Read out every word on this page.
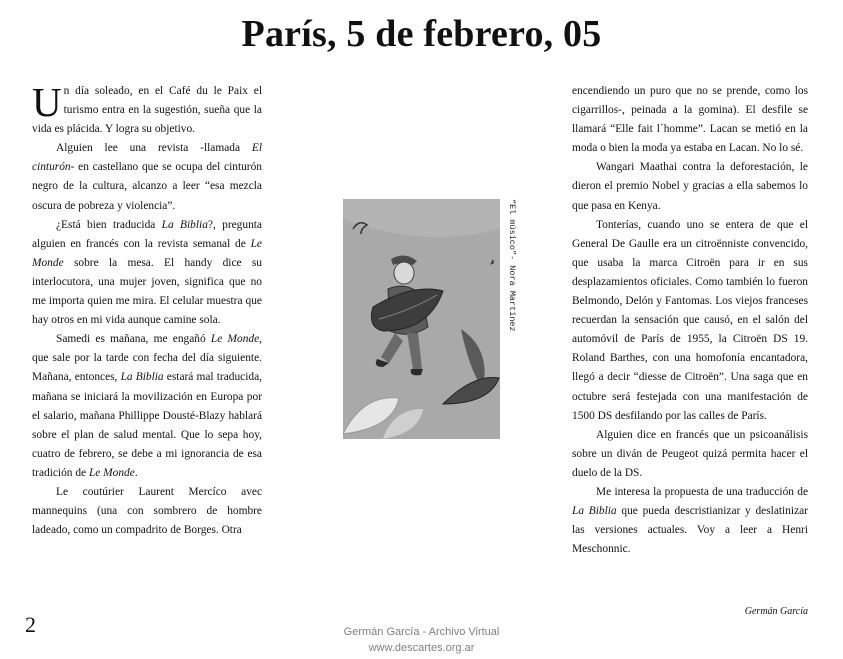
París, 5 de febrero, 05

Un día soleado, en el Café du le Paix el turismo entra en la sugestión, sueña que la vida es plácida. Y logra su objetivo.

Alguien lee una revista -llamada El cinturón- en castellano que se ocupa del cinturón negro de la cultura, alcanzo a leer “esa mezcla oscura de pobreza y violencia”.

¿Está bien traducida La Biblia?, pregunta alguien en francés con la revista semanal de Le Monde sobre la mesa. El handy dice su interlocutora, una mujer joven, significa que no me importa quien me mira. El celular muestra que hay otros en mi vida aunque camine sola.

Samedi es mañana, me engañó Le Monde, que sale por la tarde con fecha del día siguiente. Mañana, entonces, La Biblia estará mal traducida, mañana se iniciará la movilización en Europa por el salario, mañana Phillippe Dousté-Blazy hablará sobre el plan de salud mental. Que lo sepa hoy, cuatro de febrero, se debe a mi ignorancia de esa tradición de Le Monde.

Le coutúrier Laurent Mercíco avec mannequins (una con sombrero de hombre ladeado, como un compadrito de Borges. Otra

“El músico”- Nora Martínez

encendiendo un puro que no se prende, como los cigarrillos-, peinada a la gomina). El desfile se llamará “Elle fait l´homme”. Lacan se metió en la moda o bien la moda ya estaba en Lacan. No lo sé.

Wangari Maathai contra la deforestación, le dieron el premio Nobel y gracias a ella sabemos lo que pasa en Kenya.

Tonterías, cuando uno se entera de que el General De Gaulle era un citroënniste convencido, que usaba la marca Citroën para ir en sus desplazamientos oficiales. Como también lo fueron Belmondo, Delón y Fantomas. Los viejos franceses recuerdan la sensación que causó, en el salón del automóvil de París de 1955, la Citroën DS 19. Roland Barthes, con una homofonía encantadora, llegó a decir “diesse de Citroën”. Una saga que en octubre será festejada con una manifestación de 1500 DS desfilando por las calles de París.

Alguien dice en francés que un psicoanálisis sobre un diván de Peugeot quizá permita hacer el duelo de la DS.

Me interesa la propuesta de una traducción de La Biblia que pueda descristianizar y deslatinizar las versiones actuales. Voy a leer a Henri Meschonnic.

Germán García
2	Germán García - Archivo Virtual
www.descartes.org.ar
